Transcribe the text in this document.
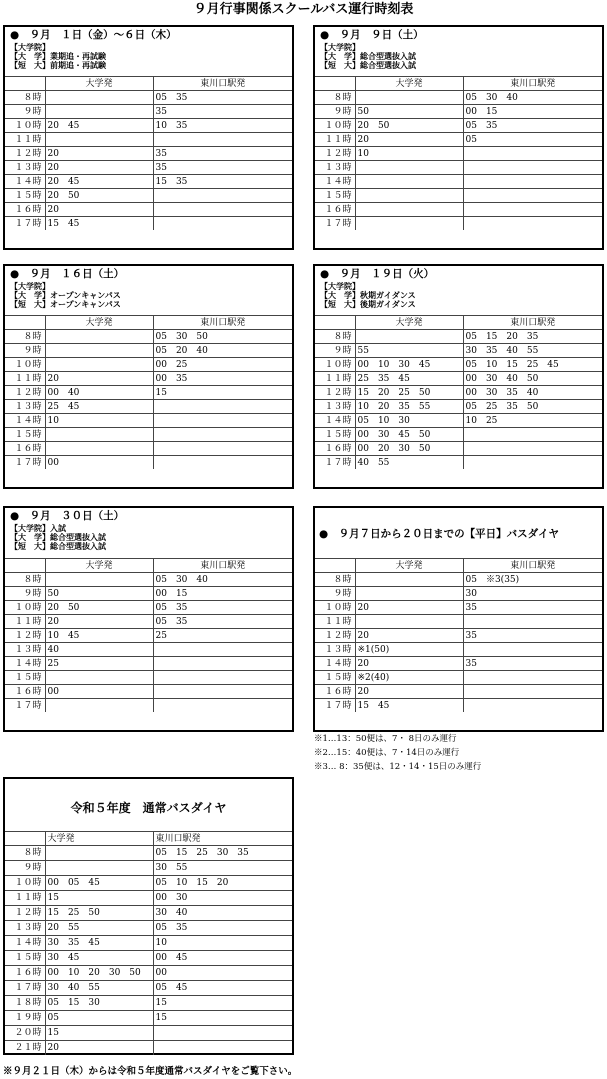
９月行事関係スクールバス運行時刻表
●　９月　１日（金）～６日（木）
【大学院】
【大　学】業期追・再試験
【短　大】前期追・再試験
	大学発	東川口駅発
８時		05　35
９時		35
１０時	20　45	10　35
１１時		
１２時	20	35
１３時	20	35
１４時	20　45	15　35
１５時	20　50	
１６時	20	
１７時	15　45	
●　９月　９日（土）
【大学院】
【大　学】総合型選抜入試
【短　大】総合型選抜入試
	大学発	東川口駅発
８時		05　30　40
９時	50	00　15
１０時	20　50	05　35
１１時	20	05
１２時	10	
１３時		
１４時		
１５時		
１６時		
１７時		
●　９月　１６日（土）
【大学院】
【大　学】オープンキャンパス
【短　大】オープンキャンパス
	大学発	東川口駅発
８時		05　30　50
９時		05　20　40
１０時		00　25
１１時	20	00　35
１２時	00　40	15
１３時	25　45	
１４時	10	
１５時		
１６時		
１７時	00	
●　９月　１９日（火）
【大学院】
【大　学】秋期ガイダンス
【短　大】後期ガイダンス
	大学発	東川口駅発
８時		05　15　20　35
９時	55	30　35　40　55
１０時	00　10　30　45	05　10　15　25　45
１１時	25　35　45	00　30　40　50
１２時	15　20　25　50	00　30　35　40
１３時	10　20　35　55	05　25　35　50
１４時	05　10　30	10　25
１５時	00　30　45　50	
１６時	00　20　30　50	
１７時	40　55	
●　９月　３０日（土）
【大学院】入試
【大　学】総合型選抜入試
【短　大】総合型選抜入試
	大学発	東川口駅発
８時		05　30　40
９時	50	00　15
１０時	20　50	05　35
１１時	20	05　35
１２時	10　45	25
１３時	40	
１４時	25	
１５時		
１６時	00	
１７時		
●　９月７日から２０日までの【平日】バスダイヤ
	大学発	東川口駅発
８時		05　※3(35)
９時		30
１０時	20	35
１１時		
１２時	20	35
１３時	※1(50)	
１４時	20	35
１５時	※2(40)	
１６時	20	
１７時	15　45	
※1…13：50便は、7・ 8日のみ運行
※2…15：40便は、7・14日のみ運行
※3… 8：35便は、12・14・15日のみ運行
令和５年度　通常バスダイヤ
	大学発	東川口駅発
８時		05　15　25　30　35
９時		30　55
１０時	00　05　45	05　10　15　20
１１時	15	00　30
１２時	15　25　50	30　40
１３時	20　55	05　35
１４時	30　35　45	10
１５時	30　45	00　45
１６時	00　10　20　30　50	00
１７時	30　40　55	05　45
１８時	05　15　30	15
１９時	05	15
２０時	15	
２１時	20	
※９月２１日（木）からは令和５年度通常バスダイヤをご覧下さい。
